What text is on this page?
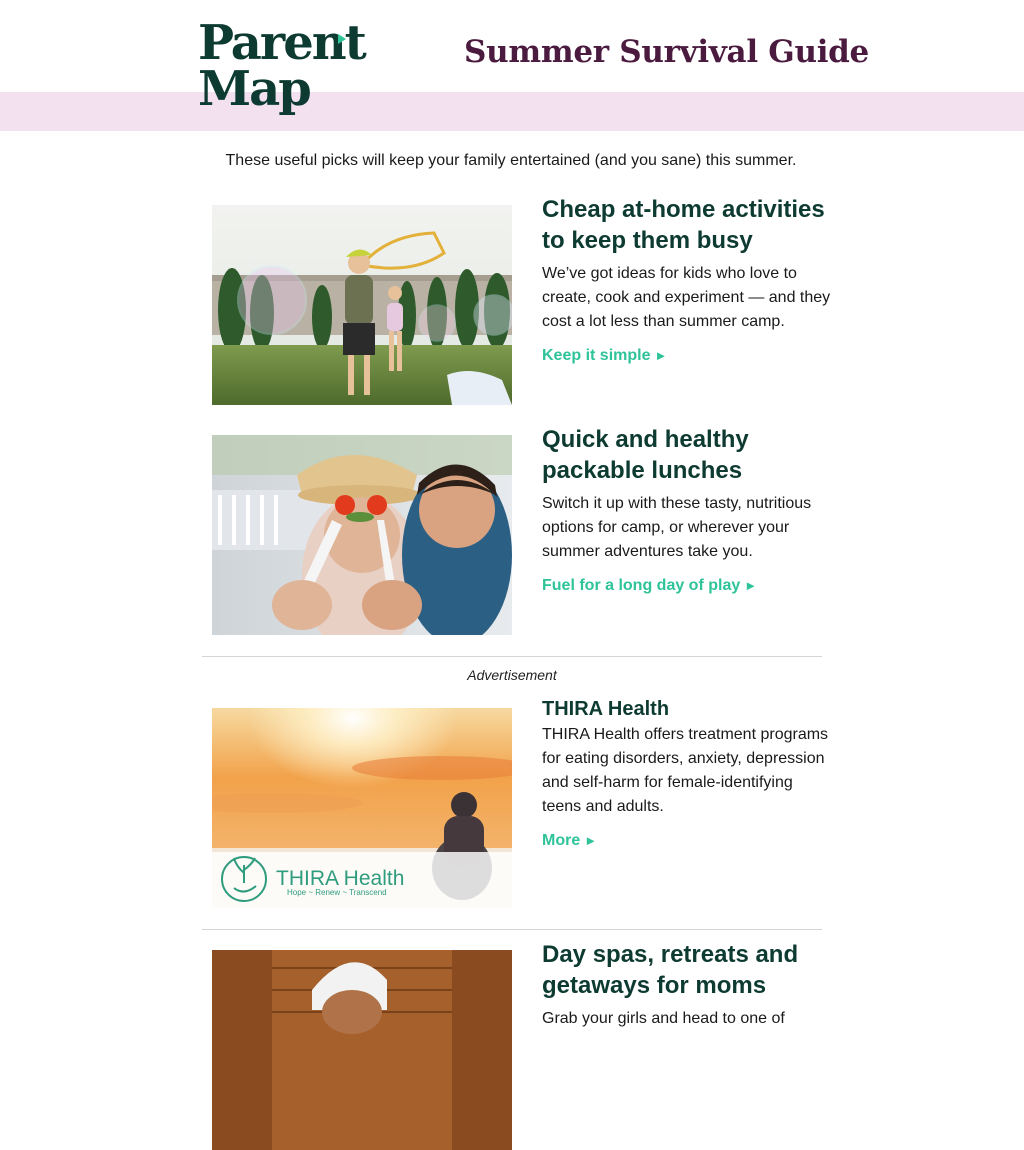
Parent
Map
Summer Survival Guide
These useful picks will keep your family entertained (and you sane) this summer.
Cheap at-home activities to keep them busy

We’ve got ideas for kids who love to create, cook and experiment — and they cost a lot less than summer camp.

Keep it simple ►
Quick and healthy packable lunches

Switch it up with these tasty, nutritious options for camp, or wherever your summer adventures take you.

Fuel for a long day of play ►
Advertisement
THIRA Health
Hope ~ Renew ~ Transcend
THIRA Health

THIRA Health offers treatment programs for eating disorders, anxiety, depression and self-harm for female-identifying teens and adults.

More ►
Day spas, retreats and getaways for moms

Grab your girls and head to one of
